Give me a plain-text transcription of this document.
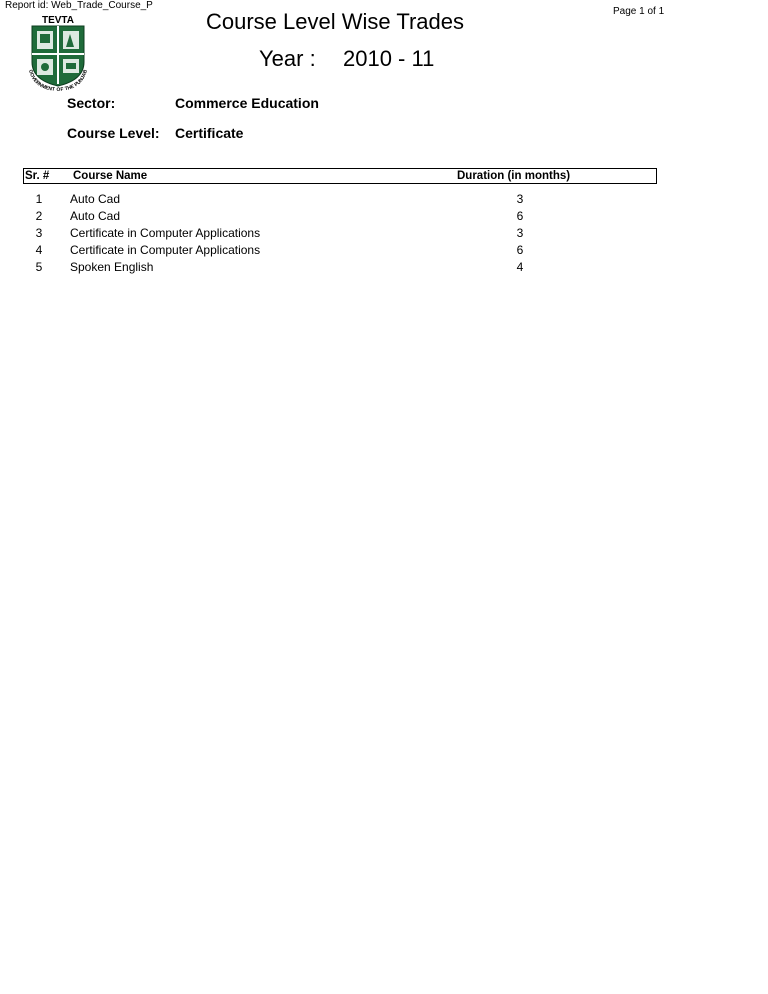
Report id: Web_Trade_Course_P
Page 1 of 1
TEVTA
GOVERNMENT OF THE PUNJAB
Course Level Wise Trades
Year : 2010 - 11
Sector:	Commerce Education
Course Level: Certificate
Sr. # Course Name	Duration (in months)
1	Auto Cad	3
2	Auto Cad	6
3	Certificate in Computer Applications	3
4	Certificate in Computer Applications	6
5	Spoken English	4
